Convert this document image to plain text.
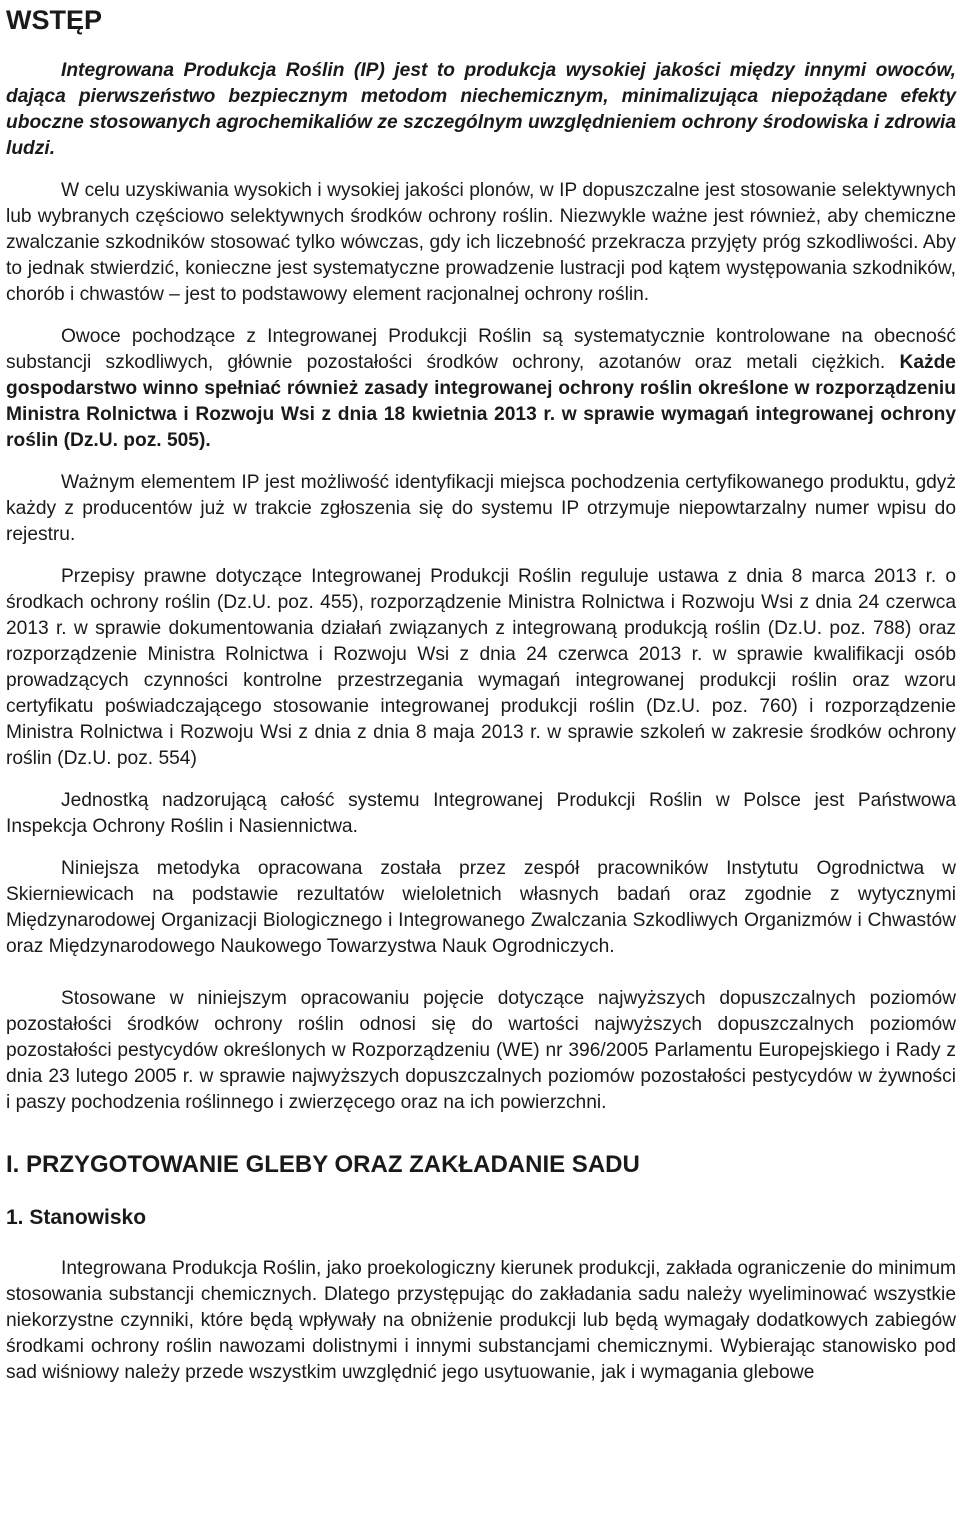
WSTĘP

Integrowana Produkcja Roślin (IP) jest to produkcja wysokiej jakości między innymi owoców, dająca pierwszeństwo bezpiecznym metodom niechemicznym, minimalizująca niepożądane efekty uboczne stosowanych agrochemikaliów ze szczególnym uwzględnieniem ochrony środowiska i zdrowia ludzi.

W celu uzyskiwania wysokich i wysokiej jakości plonów, w IP dopuszczalne jest stosowanie selektywnych lub wybranych częściowo selektywnych środków ochrony roślin. Niezwykle ważne jest również, aby chemiczne zwalczanie szkodników stosować tylko wówczas, gdy ich liczebność przekracza przyjęty próg szkodliwości. Aby to jednak stwierdzić, konieczne jest systematyczne prowadzenie lustracji pod kątem występowania szkodników, chorób i chwastów – jest to podstawowy element racjonalnej ochrony roślin.

Owoce pochodzące z Integrowanej Produkcji Roślin są systematycznie kontrolowane na obecność substancji szkodliwych, głównie pozostałości środków ochrony, azotanów oraz metali ciężkich. Każde gospodarstwo winno spełniać również zasady integrowanej ochrony roślin określone w rozporządzeniu Ministra Rolnictwa i Rozwoju Wsi z dnia 18 kwietnia 2013 r. w sprawie wymagań integrowanej ochrony roślin (Dz.U. poz. 505).

Ważnym elementem IP jest możliwość identyfikacji miejsca pochodzenia certyfikowanego produktu, gdyż każdy z producentów już w trakcie zgłoszenia się do systemu IP otrzymuje niepowtarzalny numer wpisu do rejestru.

Przepisy prawne dotyczące Integrowanej Produkcji Roślin reguluje ustawa z dnia 8 marca 2013 r. o środkach ochrony roślin (Dz.U. poz. 455), rozporządzenie Ministra Rolnictwa i Rozwoju Wsi z dnia 24 czerwca 2013 r. w sprawie dokumentowania działań związanych z integrowaną produkcją roślin (Dz.U. poz. 788) oraz rozporządzenie Ministra Rolnictwa i Rozwoju Wsi z dnia 24 czerwca 2013 r. w sprawie kwalifikacji osób prowadzących czynności kontrolne przestrzegania wymagań integrowanej produkcji roślin oraz wzoru certyfikatu poświadczającego stosowanie integrowanej produkcji roślin (Dz.U. poz. 760) i rozporządzenie Ministra Rolnictwa i Rozwoju Wsi z dnia z dnia 8 maja 2013 r. w sprawie szkoleń w zakresie środków ochrony roślin (Dz.U. poz. 554)

Jednostką nadzorującą całość systemu Integrowanej Produkcji Roślin w Polsce jest Państwowa Inspekcja Ochrony Roślin i Nasiennictwa.

Niniejsza metodyka opracowana została przez zespół pracowników Instytutu Ogrodnictwa w Skierniewicach na podstawie rezultatów wieloletnich własnych badań oraz zgodnie z wytycznymi Międzynarodowej Organizacji Biologicznego i Integrowanego Zwalczania Szkodliwych Organizmów i Chwastów oraz Międzynarodowego Naukowego Towarzystwa Nauk Ogrodniczych.

Stosowane w niniejszym opracowaniu pojęcie dotyczące najwyższych dopuszczalnych poziomów pozostałości środków ochrony roślin odnosi się do wartości najwyższych dopuszczalnych poziomów pozostałości pestycydów określonych w Rozporządzeniu (WE) nr 396/2005 Parlamentu Europejskiego i Rady z dnia 23 lutego 2005 r. w sprawie najwyższych dopuszczalnych poziomów pozostałości pestycydów w żywności i paszy pochodzenia roślinnego i zwierzęcego oraz na ich powierzchni.

I. PRZYGOTOWANIE GLEBY ORAZ ZAKŁADANIE SADU
1. Stanowisko

Integrowana Produkcja Roślin, jako proekologiczny kierunek produkcji, zakłada ograniczenie do minimum stosowania substancji chemicznych. Dlatego przystępując do zakładania sadu należy wyeliminować wszystkie niekorzystne czynniki, które będą wpływały na obniżenie produkcji lub będą wymagały dodatkowych zabiegów środkami ochrony roślin nawozami dolistnymi i innymi substancjami chemicznymi. Wybierając stanowisko pod sad wiśniowy należy przede wszystkim uwzględnić jego usytuowanie, jak i wymagania glebowe
